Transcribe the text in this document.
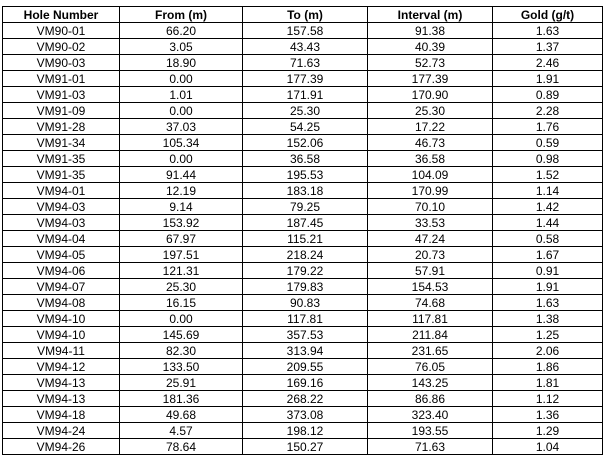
Hole Number	From (m)	To (m)	Interval (m)	Gold (g/t)
VM90-01	66.20	157.58	91.38	1.63
VM90-02	3.05	43.43	40.39	1.37
VM90-03	18.90	71.63	52.73	2.46
VM91-01	0.00	177.39	177.39	1.91
VM91-03	1.01	171.91	170.90	0.89
VM91-09	0.00	25.30	25.30	2.28
VM91-28	37.03	54.25	17.22	1.76
VM91-34	105.34	152.06	46.73	0.59
VM91-35	0.00	36.58	36.58	0.98
VM91-35	91.44	195.53	104.09	1.52
VM94-01	12.19	183.18	170.99	1.14
VM94-03	9.14	79.25	70.10	1.42
VM94-03	153.92	187.45	33.53	1.44
VM94-04	67.97	115.21	47.24	0.58
VM94-05	197.51	218.24	20.73	1.67
VM94-06	121.31	179.22	57.91	0.91
VM94-07	25.30	179.83	154.53	1.91
VM94-08	16.15	90.83	74.68	1.63
VM94-10	0.00	117.81	117.81	1.38
VM94-10	145.69	357.53	211.84	1.25
VM94-11	82.30	313.94	231.65	2.06
VM94-12	133.50	209.55	76.05	1.86
VM94-13	25.91	169.16	143.25	1.81
VM94-13	181.36	268.22	86.86	1.12
VM94-18	49.68	373.08	323.40	1.36
VM94-24	4.57	198.12	193.55	1.29
VM94-26	78.64	150.27	71.63	1.04
